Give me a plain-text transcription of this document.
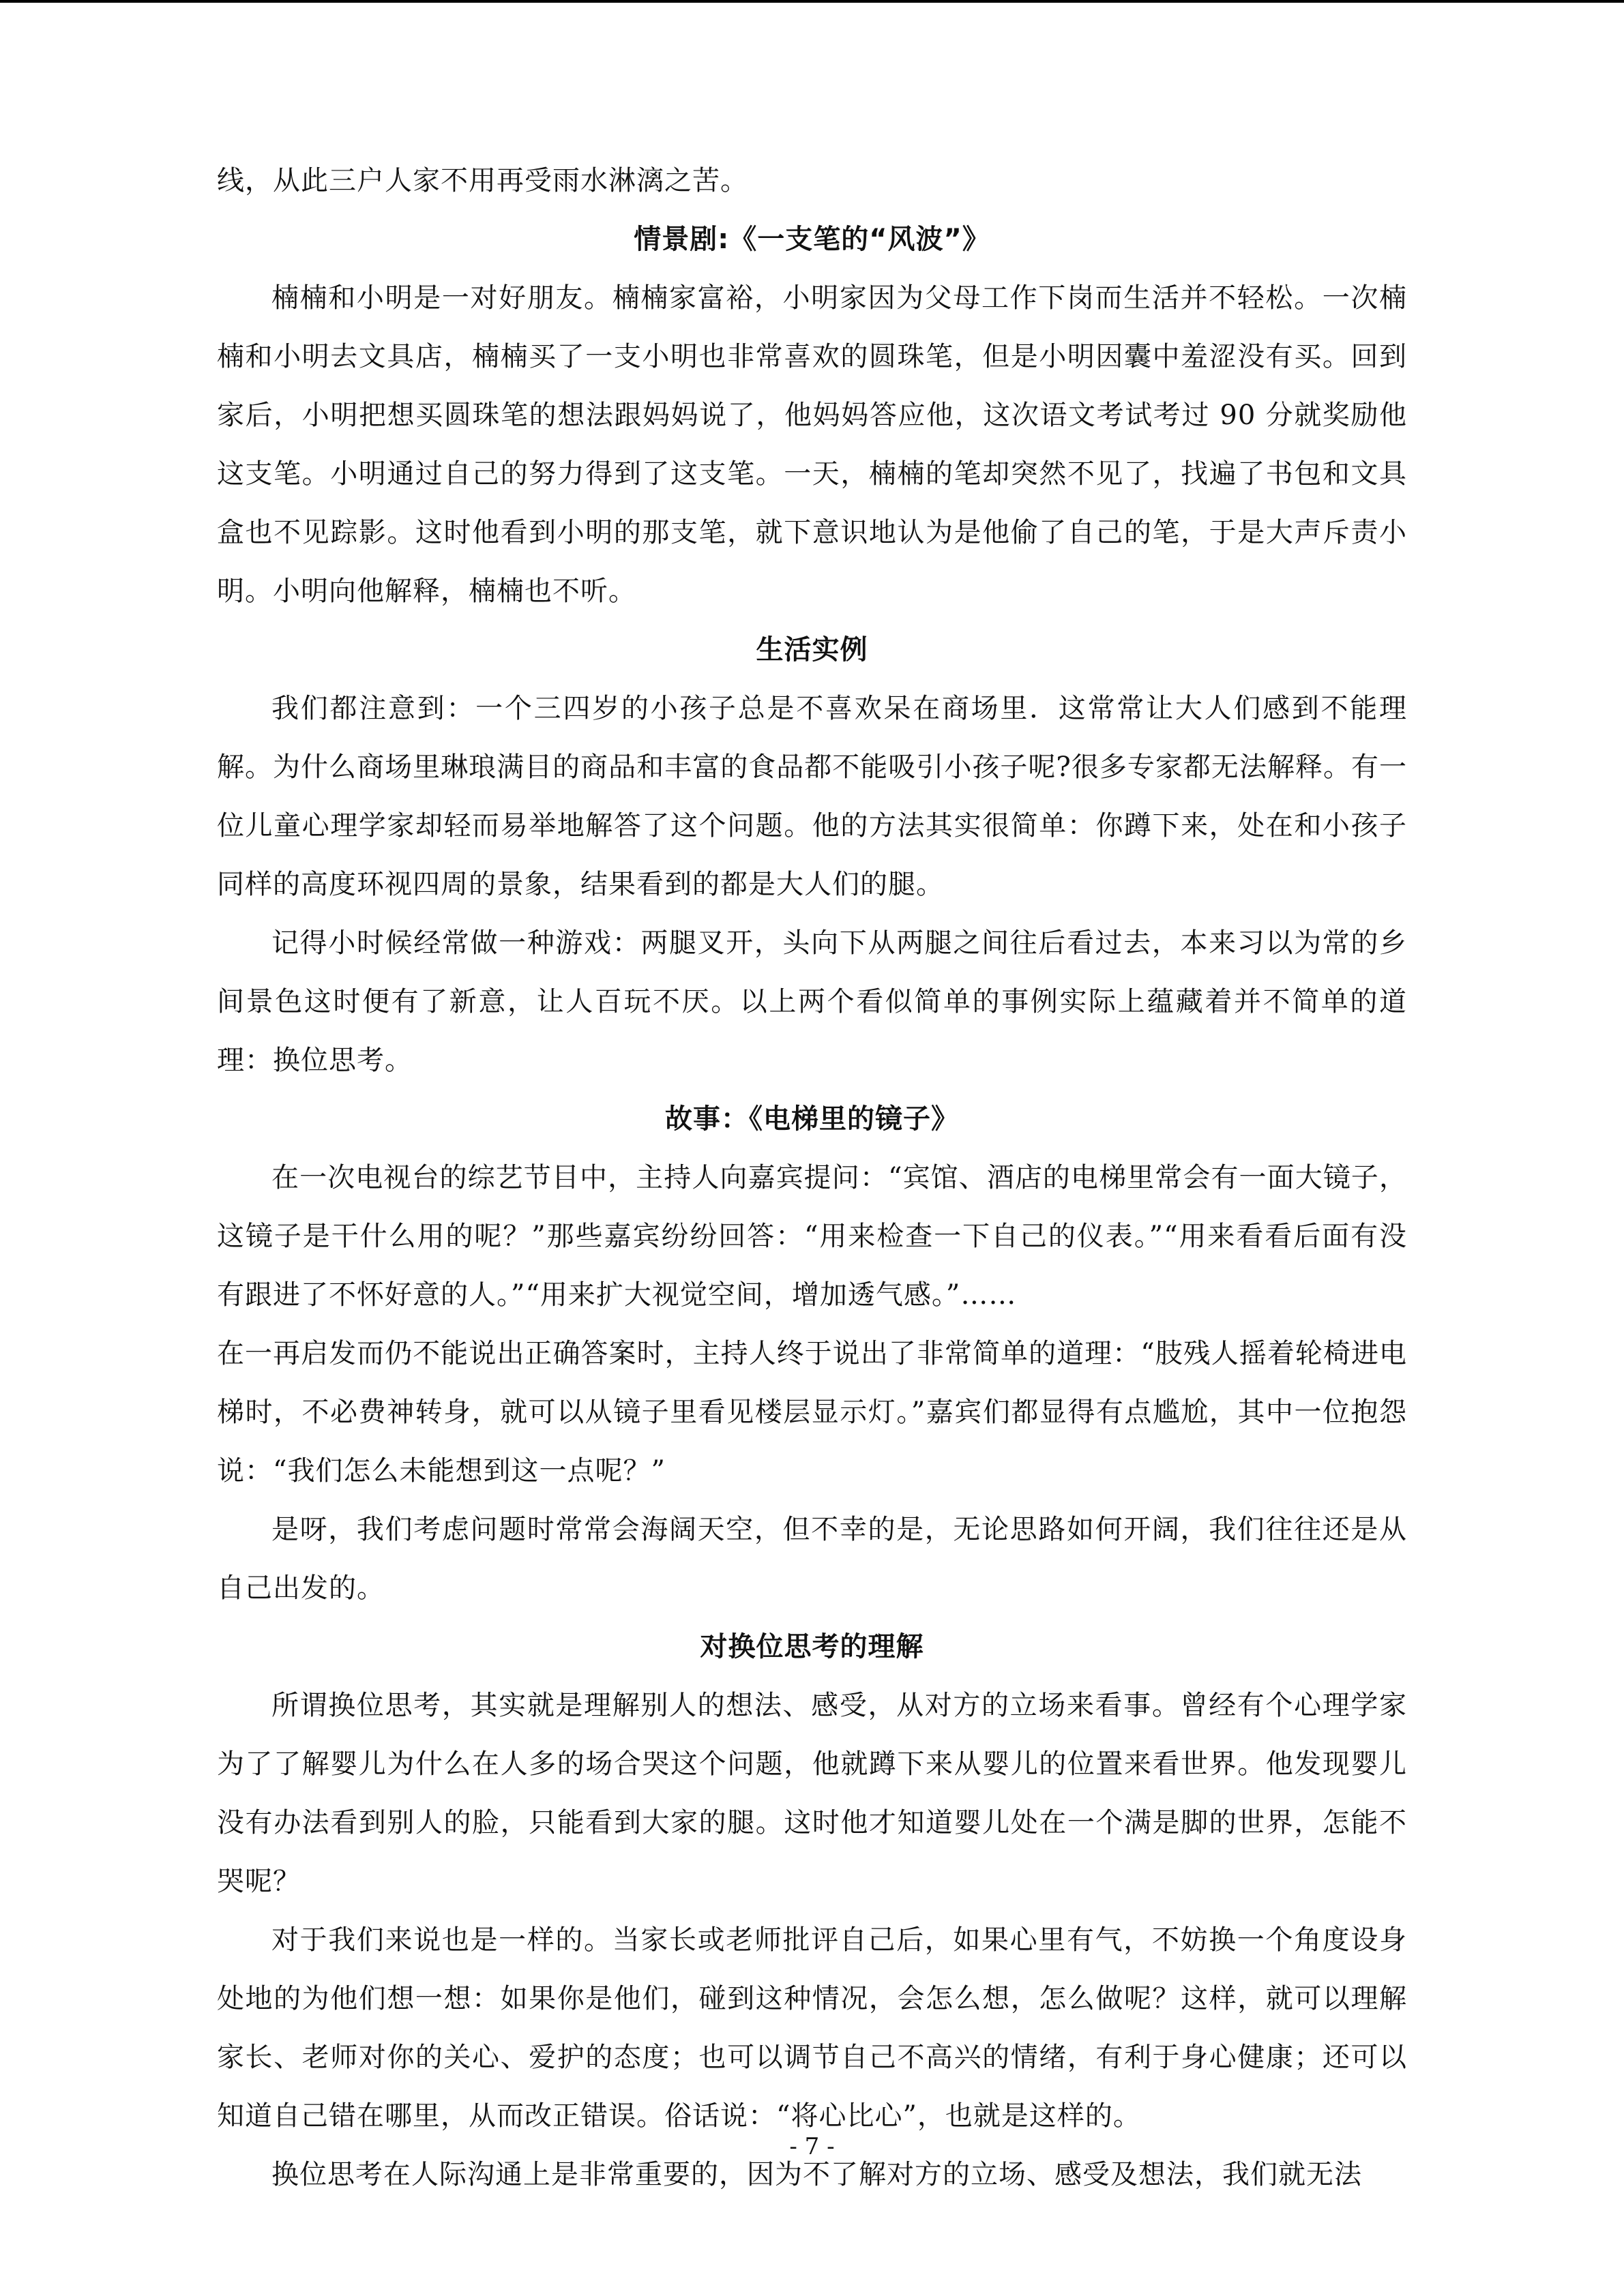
线，从此三户人家不用再受雨水淋漓之苦。

情景剧:《一支笔的“风波”》

楠楠和小明是一对好朋友。楠楠家富裕，小明家因为父母工作下岗而生活并不轻松。一次楠楠和小明去文具店，楠楠买了一支小明也非常喜欢的圆珠笔，但是小明因囊中羞涩没有买。回到家后，小明把想买圆珠笔的想法跟妈妈说了，他妈妈答应他，这次语文考试考过 90 分就奖励他这支笔。小明通过自己的努力得到了这支笔。一天，楠楠的笔却突然不见了，找遍了书包和文具盒也不见踪影。这时他看到小明的那支笔，就下意识地认为是他偷了自己的笔，于是大声斥责小明。小明向他解释，楠楠也不听。

生活实例

我们都注意到：一个三四岁的小孩子总是不喜欢呆在商场里．这常常让大人们感到不能理解。为什么商场里琳琅满目的商品和丰富的食品都不能吸引小孩子呢?很多专家都无法解释。有一位儿童心理学家却轻而易举地解答了这个问题。他的方法其实很简单：你蹲下来，处在和小孩子同样的高度环视四周的景象，结果看到的都是大人们的腿。

记得小时候经常做一种游戏：两腿叉开，头向下从两腿之间往后看过去，本来习以为常的乡间景色这时便有了新意，让人百玩不厌。以上两个看似简单的事例实际上蕴藏着并不简单的道理：换位思考。

故事：《电梯里的镜子》

在一次电视台的综艺节目中，主持人向嘉宾提问：“宾馆、酒店的电梯里常会有一面大镜子，这镜子是干什么用的呢？”那些嘉宾纷纷回答：“用来检查一下自己的仪表。”“用来看看后面有没有跟进了不怀好意的人。”“用来扩大视觉空间，增加透气感。”……

在一再启发而仍不能说出正确答案时，主持人终于说出了非常简单的道理：“肢残人摇着轮椅进电梯时，不必费神转身，就可以从镜子里看见楼层显示灯。”嘉宾们都显得有点尴尬，其中一位抱怨说：“我们怎么未能想到这一点呢？”

是呀，我们考虑问题时常常会海阔天空，但不幸的是，无论思路如何开阔，我们往往还是从自己出发的。

对换位思考的理解

所谓换位思考，其实就是理解别人的想法、感受，从对方的立场来看事。曾经有个心理学家为了了解婴儿为什么在人多的场合哭这个问题，他就蹲下来从婴儿的位置来看世界。他发现婴儿没有办法看到别人的脸，只能看到大家的腿。这时他才知道婴儿处在一个满是脚的世界，怎能不哭呢？

对于我们来说也是一样的。当家长或老师批评自己后，如果心里有气，不妨换一个角度设身处地的为他们想一想：如果你是他们，碰到这种情况，会怎么想，怎么做呢？这样，就可以理解家长、老师对你的关心、爱护的态度；也可以调节自己不高兴的情绪，有利于身心健康；还可以知道自己错在哪里，从而改正错误。俗话说：“将心比心”，也就是这样的。

换位思考在人际沟通上是非常重要的，因为不了解对方的立场、感受及想法，我们就无法

- 7 -
